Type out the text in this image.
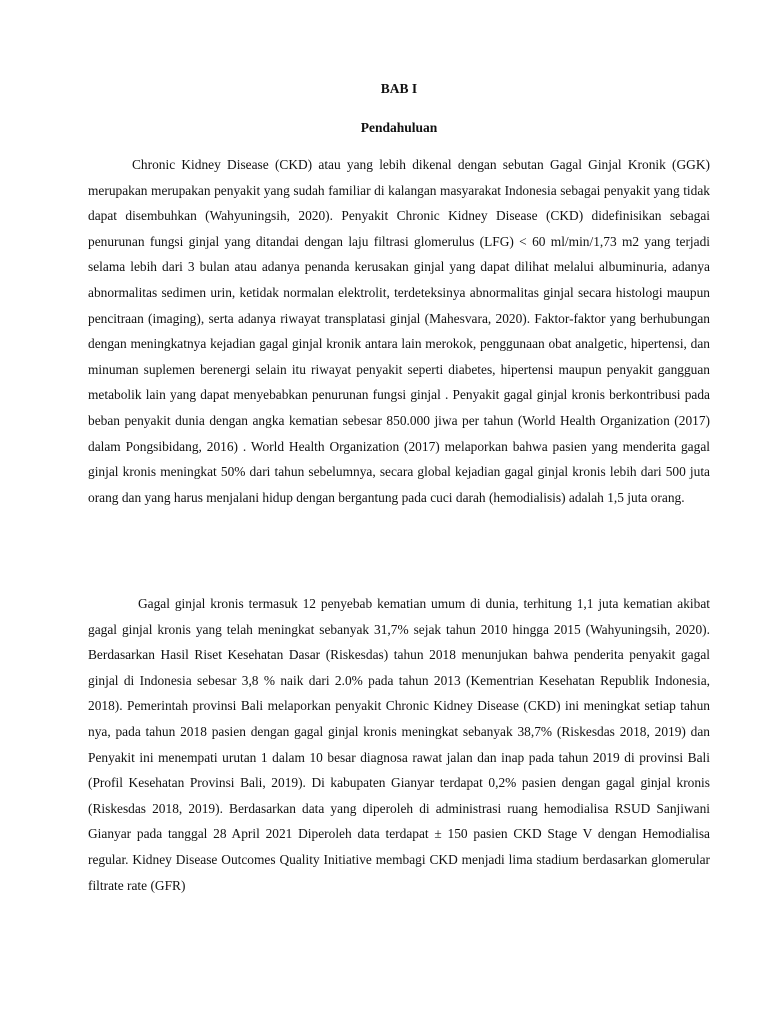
BAB I
Pendahuluan

Chronic Kidney Disease (CKD) atau yang lebih dikenal dengan sebutan Gagal Ginjal Kronik (GGK) merupakan merupakan penyakit yang sudah familiar di kalangan masyarakat Indonesia sebagai penyakit yang tidak dapat disembuhkan (Wahyuningsih, 2020). Penyakit Chronic Kidney Disease (CKD) didefinisikan sebagai penurunan fungsi ginjal yang ditandai dengan laju filtrasi glomerulus (LFG) < 60 ml/min/1,73 m2 yang terjadi selama lebih dari 3 bulan atau adanya penanda kerusakan ginjal yang dapat dilihat melalui albuminuria, adanya abnormalitas sedimen urin, ketidak normalan elektrolit, terdeteksinya abnormalitas ginjal secara histologi maupun pencitraan (imaging), serta adanya riwayat transplatasi ginjal (Mahesvara, 2020). Faktor-faktor yang berhubungan dengan meningkatnya kejadian gagal ginjal kronik antara lain merokok, penggunaan obat analgetic, hipertensi, dan minuman suplemen berenergi selain itu riwayat penyakit seperti diabetes, hipertensi maupun penyakit gangguan metabolik lain yang dapat menyebabkan penurunan fungsi ginjal . Penyakit gagal ginjal kronis berkontribusi pada beban penyakit dunia dengan angka kematian sebesar 850.000 jiwa per tahun (World Health Organization (2017) dalam Pongsibidang, 2016) . World Health Organization (2017) melaporkan bahwa pasien yang menderita gagal ginjal kronis meningkat 50% dari tahun sebelumnya, secara global kejadian gagal ginjal kronis lebih dari 500 juta orang dan yang harus menjalani hidup dengan bergantung pada cuci darah (hemodialisis) adalah 1,5 juta orang.

Gagal ginjal kronis termasuk 12 penyebab kematian umum di dunia, terhitung 1,1 juta kematian akibat gagal ginjal kronis yang telah meningkat sebanyak 31,7% sejak tahun 2010 hingga 2015 (Wahyuningsih, 2020). Berdasarkan Hasil Riset Kesehatan Dasar (Riskesdas) tahun 2018 menunjukan bahwa penderita penyakit gagal ginjal di Indonesia sebesar 3,8 % naik dari 2.0% pada tahun 2013 (Kementrian Kesehatan Republik Indonesia, 2018). Pemerintah provinsi Bali melaporkan penyakit Chronic Kidney Disease (CKD) ini meningkat setiap tahun nya, pada tahun 2018 pasien dengan gagal ginjal kronis meningkat sebanyak 38,7% (Riskesdas 2018, 2019) dan Penyakit ini menempati urutan 1 dalam 10 besar diagnosa rawat jalan dan inap pada tahun 2019 di provinsi Bali (Profil Kesehatan Provinsi Bali, 2019). Di kabupaten Gianyar terdapat 0,2% pasien dengan gagal ginjal kronis (Riskesdas 2018, 2019). Berdasarkan data yang diperoleh di administrasi ruang hemodialisa RSUD Sanjiwani Gianyar pada tanggal 28 April 2021 Diperoleh data terdapat ± 150 pasien CKD Stage V dengan Hemodialisa regular. Kidney Disease Outcomes Quality Initiative membagi CKD menjadi lima stadium berdasarkan glomerular filtrate rate (GFR)
